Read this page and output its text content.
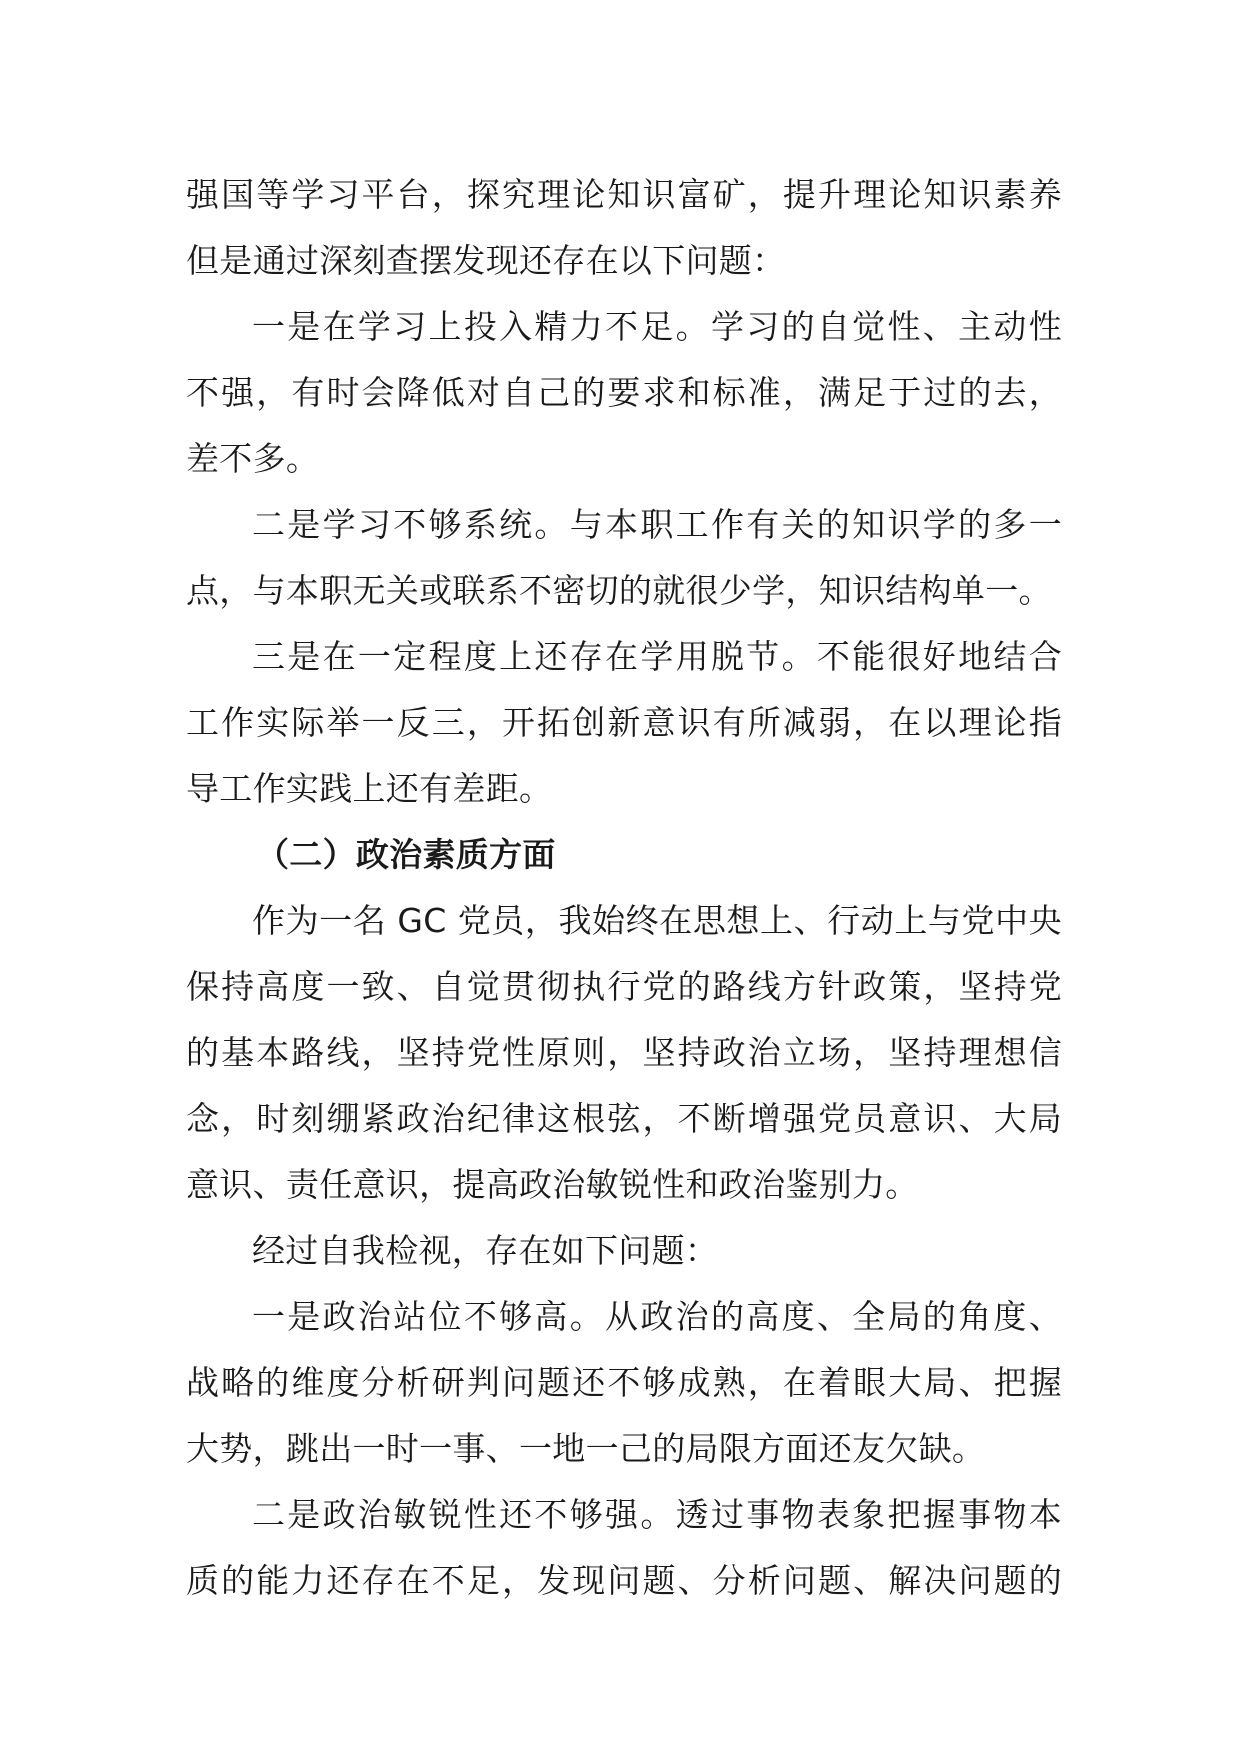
强国等学习平台，探究理论知识富矿，提升理论知识素养
但是通过深刻查摆发现还存在以下问题：
一是在学习上投入精力不足。学习的自觉性、主动性
不强，有时会降低对自己的要求和标准，满足于过的去，
差不多。
二是学习不够系统。与本职工作有关的知识学的多一
点，与本职无关或联系不密切的就很少学，知识结构单一。
三是在一定程度上还存在学用脱节。不能很好地结合
工作实际举一反三，开拓创新意识有所减弱，在以理论指
导工作实践上还有差距。
（二）政治素质方面
作为一名 GC 党员，我始终在思想上、行动上与党中央
保持高度一致、自觉贯彻执行党的路线方针政策，坚持党
的基本路线，坚持党性原则，坚持政治立场，坚持理想信
念，时刻绷紧政治纪律这根弦，不断增强党员意识、大局
意识、责任意识，提高政治敏锐性和政治鉴别力。
经过自我检视，存在如下问题：
一是政治站位不够高。从政治的高度、全局的角度、
战略的维度分析研判问题还不够成熟，在着眼大局、把握
大势，跳出一时一事、一地一己的局限方面还友欠缺。
二是政治敏锐性还不够强。透过事物表象把握事物本
质的能力还存在不足，发现问题、分析问题、解决问题的
